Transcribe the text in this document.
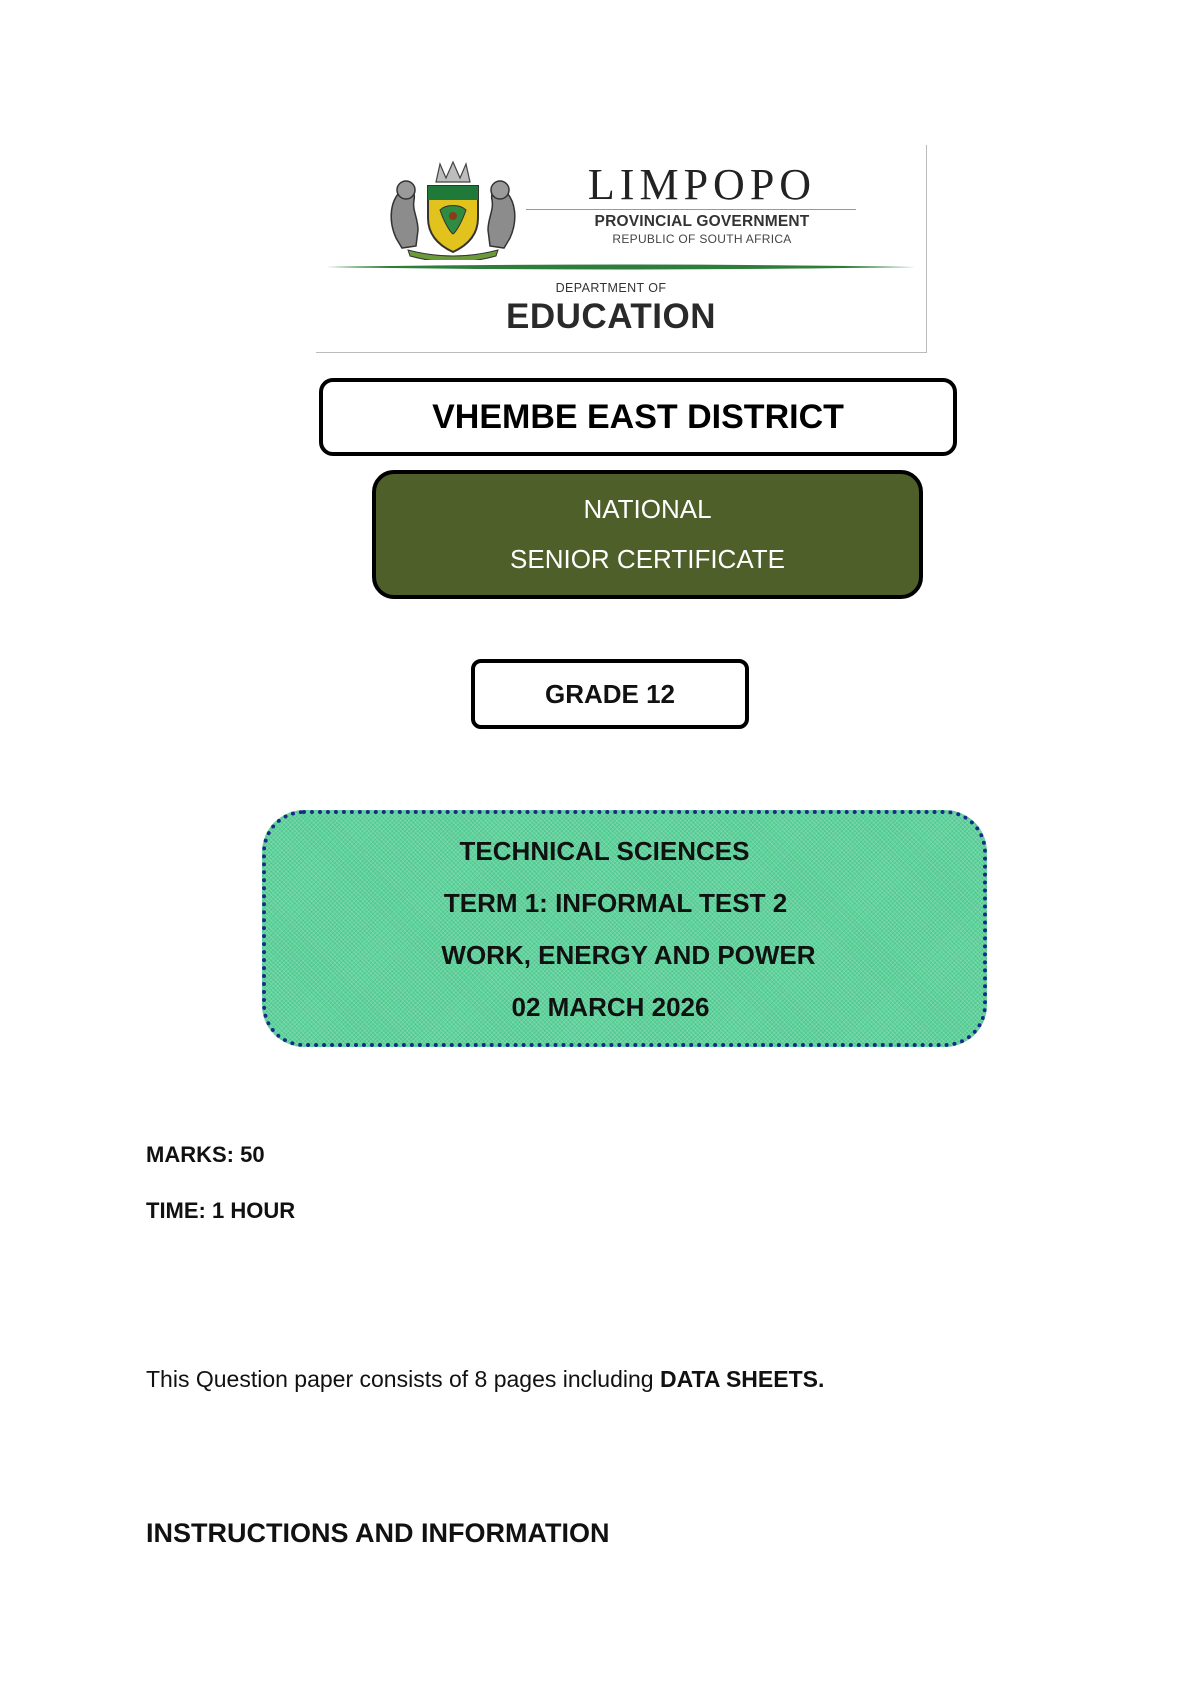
LIMPOPO
PROVINCIAL GOVERNMENT
REPUBLIC OF SOUTH AFRICA
DEPARTMENT OF
EDUCATION
VHEMBE EAST DISTRICT
NATIONAL
SENIOR CERTIFICATE
GRADE 12
TECHNICAL SCIENCES
TERM 1: INFORMAL TEST 2
WORK, ENERGY AND POWER
02 MARCH 2026
MARKS: 50
TIME: 1 HOUR
This Question paper consists of 8 pages including DATA SHEETS.
INSTRUCTIONS AND INFORMATION
